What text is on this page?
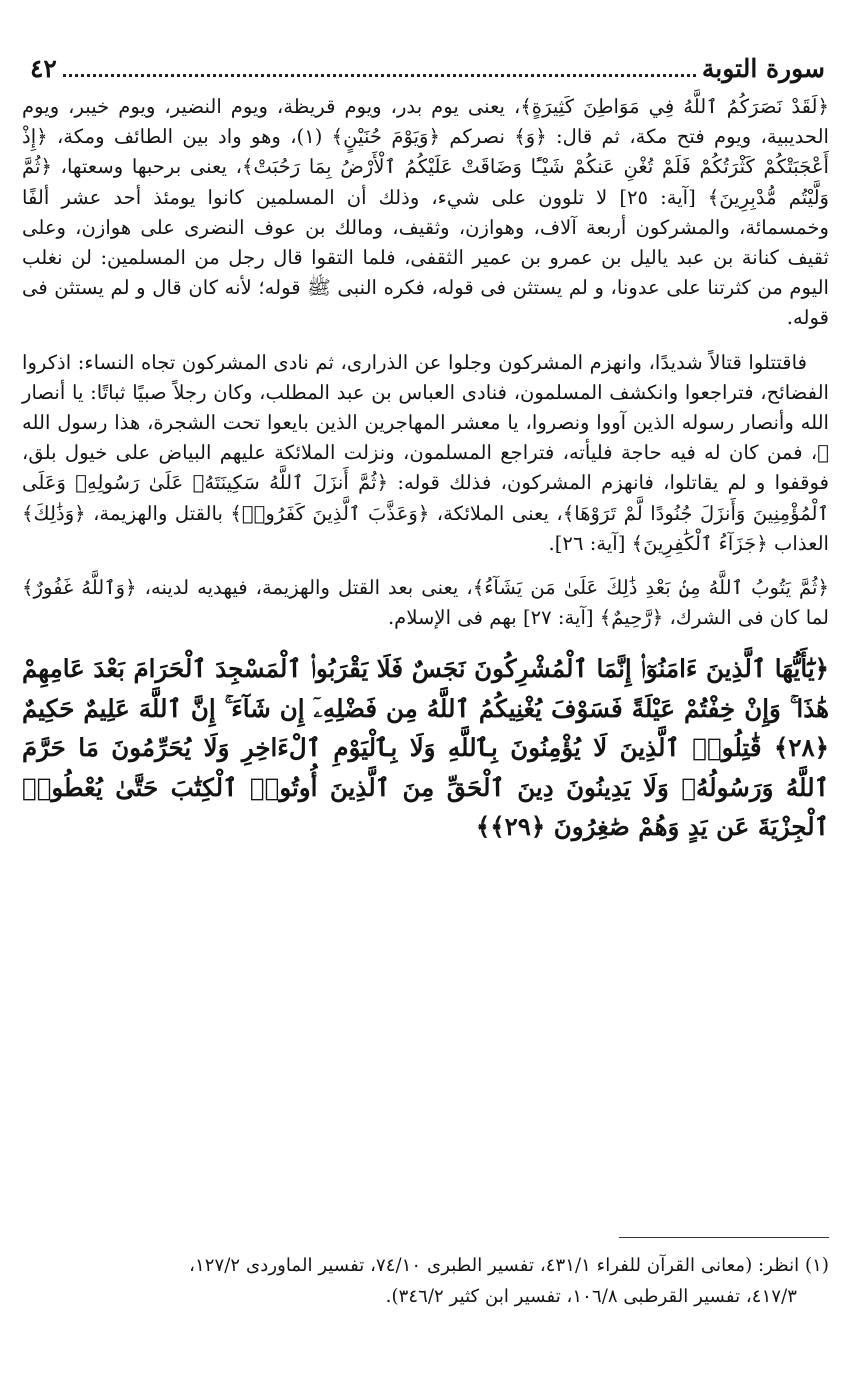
سورة التوبة
٤٢

﴿لَقَدْ نَصَرَكُمُ ٱللَّهُ فِي مَوَاطِنَ كَثِيرَةٍ﴾، يعنى يوم بدر، ويوم قريظة، ويوم النضير، ويوم خيبر، ويوم الحديبية، ويوم فتح مكة، ثم قال: ﴿وَ﴾ نصركم ﴿وَيَوْمَ حُنَيْنٍ﴾ (١)، وهو واد بين الطائف ومكة، ﴿إِذْ أَعْجَبَتْكُمْ كَثْرَتُكُمْ فَلَمْ تُغْنِ عَنكُمْ شَيْـًٔا وَضَاقَتْ عَلَيْكُمُ ٱلْأَرْضُ بِمَا رَحُبَتْ﴾، يعنى برحبها وسعتها، ﴿ثُمَّ وَلَّيْتُم مُّدْبِرِينَ﴾ [آية: ٢٥] لا تلوون على شيء، وذلك أن المسلمين كانوا يومئذ أحد عشر ألفًا وخمسمائة، والمشركون أربعة آلاف، وهوازن، وثقيف، ومالك بن عوف النضرى على هوازن، وعلى ثقيف كنانة بن عبد ياليل بن عمرو بن عمير الثقفى، فلما التقوا قال رجل من المسلمين: لن نغلب اليوم من كثرتنا على عدونا، و لم يستثن فى قوله، فكره النبى ﷺ قوله؛ لأنه كان قال و لم يستثن فى قوله.

فاقتتلوا قتالاً شديدًا، وانهزم المشركون وجلوا عن الذرارى، ثم نادى المشركون تجاه النساء: اذكروا الفضائح، فتراجعوا وانكشف المسلمون، فنادى العباس بن عبد المطلب، وكان رجلاً صبيًا ثباتًا: يا أنصار الله وأنصار رسوله الذين آووا ونصروا، يا معشر المهاجرين الذين بايعوا تحت الشجرة، هذا رسول الله ﷺ، فمن كان له فيه حاجة فليأته، فتراجع المسلمون، ونزلت الملائكة عليهم البياض على خيول بلق، فوقفوا و لم يقاتلوا، فانهزم المشركون، فذلك قوله: ﴿ثُمَّ أَنزَلَ ٱللَّهُ سَكِينَتَهُۥ عَلَىٰ رَسُولِهِۦ وَعَلَى ٱلْمُؤْمِنِينَ وَأَنزَلَ جُنُودًا لَّمْ تَرَوْهَا﴾، يعنى الملائكة، ﴿وَعَذَّبَ ٱلَّذِينَ كَفَرُوا۟﴾ بالقتل والهزيمة، ﴿وَذَٰلِكَ﴾ العذاب ﴿جَزَآءُ ٱلْكَٰفِرِينَ﴾ [آية: ٢٦].

﴿ثُمَّ يَتُوبُ ٱللَّهُ مِنۢ بَعْدِ ذَٰلِكَ عَلَىٰ مَن يَشَآءُ﴾، يعنى بعد القتل والهزيمة، فيهديه لدينه، ﴿وَٱللَّهُ غَفُورٌ﴾ لما كان فى الشرك، ﴿رَّحِيمٌ﴾ [آية: ٢٧] بهم فى الإسلام.

﴿يَٰٓأَيُّهَا ٱلَّذِينَ ءَامَنُوٓا۟ إِنَّمَا ٱلْمُشْرِكُونَ نَجَسٌ فَلَا يَقْرَبُوا۟ ٱلْمَسْجِدَ ٱلْحَرَامَ بَعْدَ عَامِهِمْ هَٰذَا ۚ وَإِنْ خِفْتُمْ عَيْلَةً فَسَوْفَ يُغْنِيكُمُ ٱللَّهُ مِن فَضْلِهِۦٓ إِن شَآءَ ۚ إِنَّ ٱللَّهَ عَلِيمٌ حَكِيمٌ ﴿٢٨﴾ قَٰتِلُوا۟ ٱلَّذِينَ لَا يُؤْمِنُونَ بِٱللَّهِ وَلَا بِٱلْيَوْمِ ٱلْءَاخِرِ وَلَا يُحَرِّمُونَ مَا حَرَّمَ ٱللَّهُ وَرَسُولُهُۥ وَلَا يَدِينُونَ دِينَ ٱلْحَقِّ مِنَ ٱلَّذِينَ أُوتُوا۟ ٱلْكِتَٰبَ حَتَّىٰ يُعْطُوا۟ ٱلْجِزْيَةَ عَن يَدٍ وَهُمْ صَٰغِرُونَ ﴿٢٩﴾﴾

(١) انظر: (معانى القرآن للفراء ٤٣١/١، تفسير الطبرى ٧٤/١٠، تفسير الماوردى ١٢٧/٢،
٤١٧/٣، تفسير القرطبى ١٠٦/٨، تفسير ابن كثير ٣٤٦/٢).
